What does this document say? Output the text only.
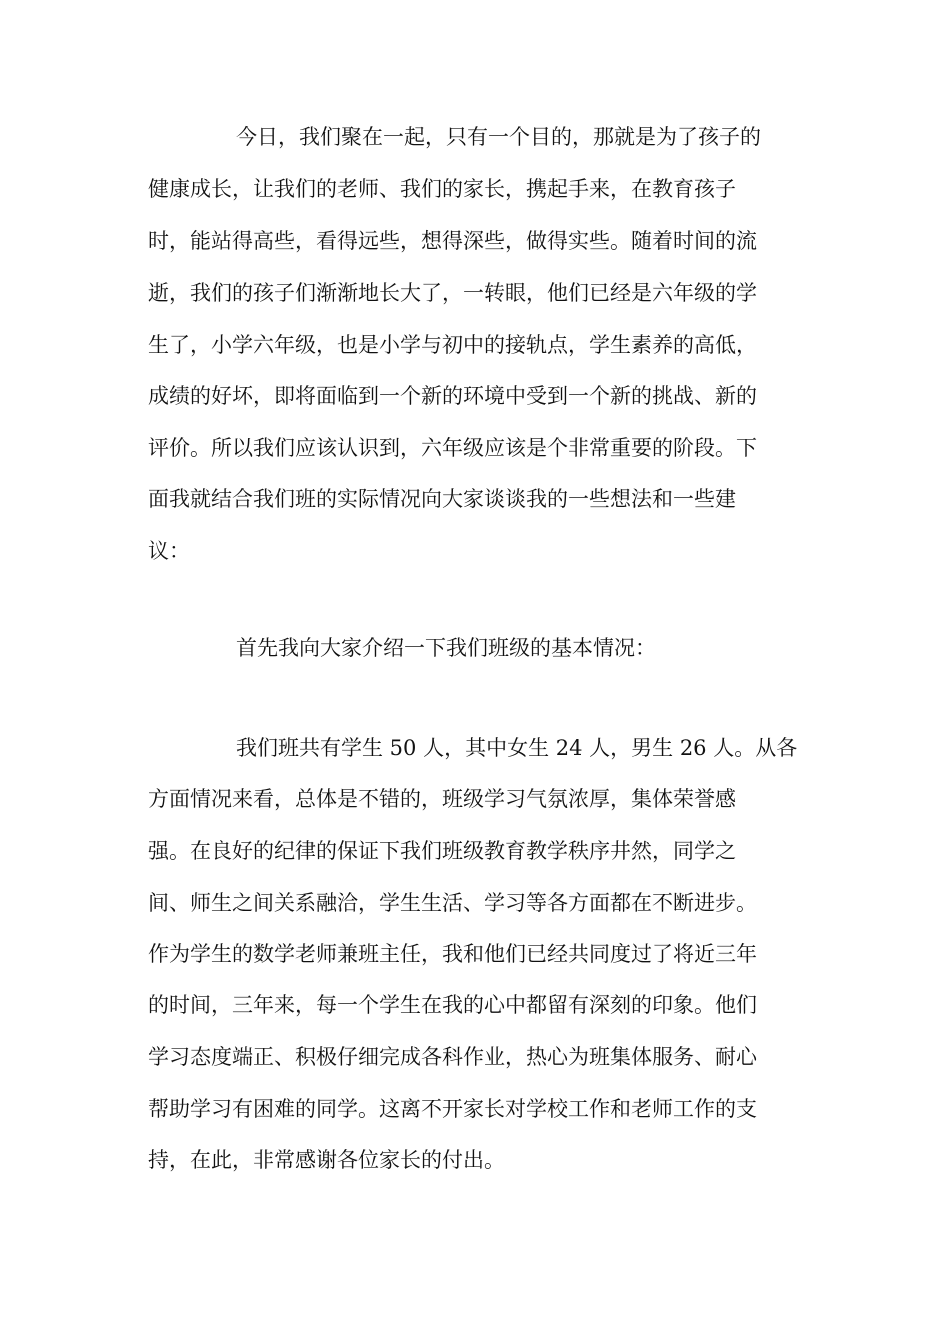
今日，我们聚在一起，只有一个目的，那就是为了孩子的
健康成长，让我们的老师、我们的家长，携起手来，在教育孩子
时，能站得高些，看得远些，想得深些，做得实些。随着时间的流
逝，我们的孩子们渐渐地长大了，一转眼，他们已经是六年级的学
生了，小学六年级，也是小学与初中的接轨点，学生素养的高低，
成绩的好坏，即将面临到一个新的环境中受到一个新的挑战、新的
评价。所以我们应该认识到，六年级应该是个非常重要的阶段。下
面我就结合我们班的实际情况向大家谈谈我的一些想法和一些建
议：
首先我向大家介绍一下我们班级的基本情况：
我们班共有学生 50 人，其中女生 24 人，男生 26 人。从各
方面情况来看，总体是不错的，班级学习气氛浓厚，集体荣誉感
强。在良好的纪律的保证下我们班级教育教学秩序井然，同学之
间、师生之间关系融洽，学生生活、学习等各方面都在不断进步。
作为学生的数学老师兼班主任，我和他们已经共同度过了将近三年
的时间，三年来，每一个学生在我的心中都留有深刻的印象。他们
学习态度端正、积极仔细完成各科作业，热心为班集体服务、耐心
帮助学习有困难的同学。这离不开家长对学校工作和老师工作的支
持，在此，非常感谢各位家长的付出。
